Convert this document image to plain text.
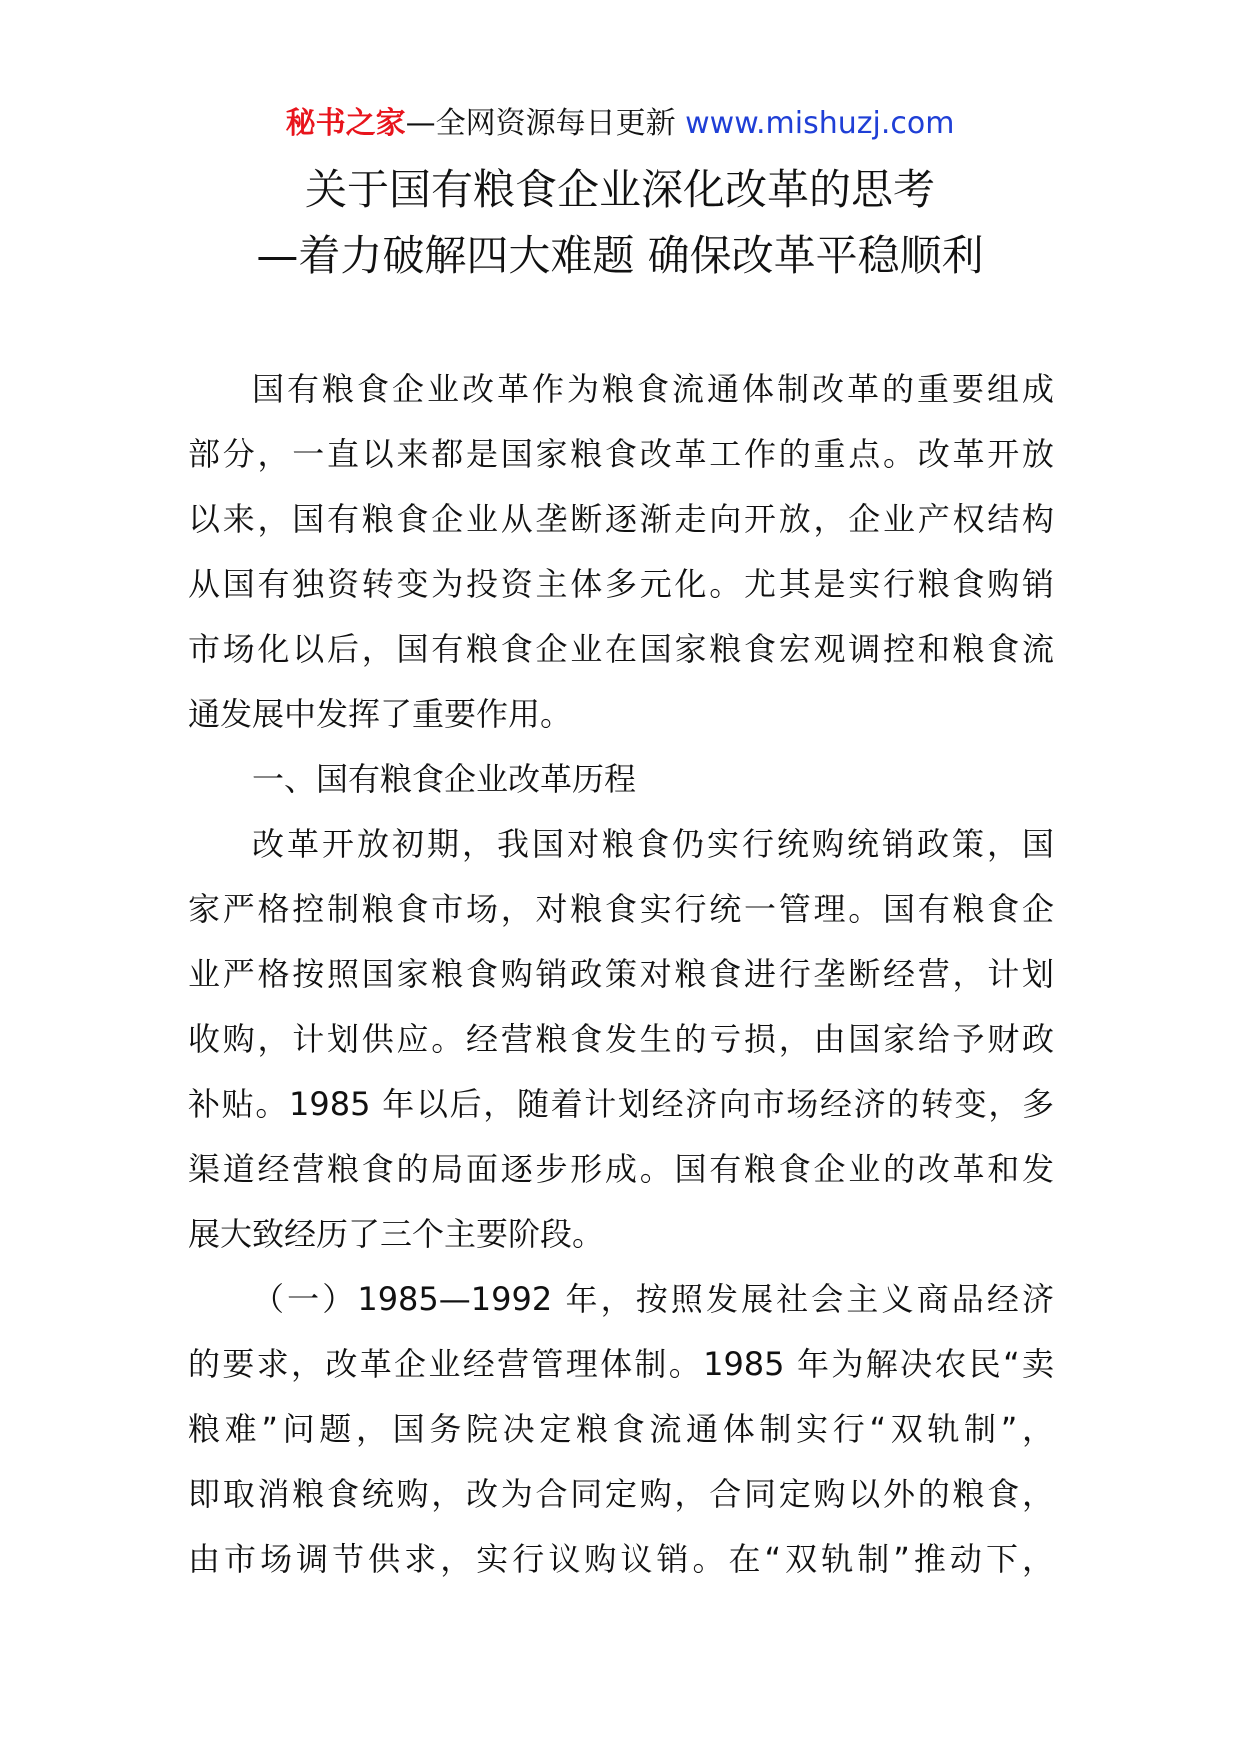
秘书之家—全网资源每日更新 www.mishuzj.com
关于国有粮食企业深化改革的思考
—着力破解四大难题 确保改革平稳顺利
国有粮食企业改革作为粮食流通体制改革的重要组成
部分，一直以来都是国家粮食改革工作的重点。改革开放
以来，国有粮食企业从垄断逐渐走向开放，企业产权结构
从国有独资转变为投资主体多元化。尤其是实行粮食购销
市场化以后，国有粮食企业在国家粮食宏观调控和粮食流
通发展中发挥了重要作用。
一、国有粮食企业改革历程
改革开放初期，我国对粮食仍实行统购统销政策，国
家严格控制粮食市场，对粮食实行统一管理。国有粮食企
业严格按照国家粮食购销政策对粮食进行垄断经营，计划
收购，计划供应。经营粮食发生的亏损，由国家给予财政
补贴。1985 年以后，随着计划经济向市场经济的转变，多
渠道经营粮食的局面逐步形成。国有粮食企业的改革和发
展大致经历了三个主要阶段。
（一）1985—1992 年，按照发展社会主义商品经济
的要求，改革企业经营管理体制。1985 年为解决农民“卖
粮难”问题，国务院决定粮食流通体制实行“双轨制”，
即取消粮食统购，改为合同定购，合同定购以外的粮食，
由市场调节供求，实行议购议销。在“双轨制”推动下，
